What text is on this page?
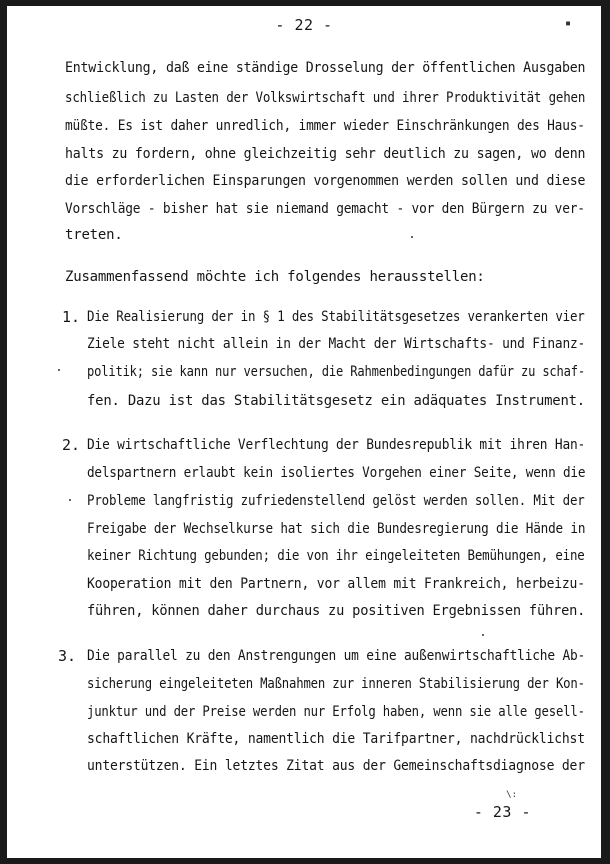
- 22 -	▪
Entwicklung, daß eine ständige Drosselung der öffentlichen Ausgaben
schließlich zu Lasten der Volkswirtschaft und ihrer Produktivität gehen
müßte. Es ist daher unredlich, immer wieder Einschränkungen des Haus-
halts zu fordern, ohne gleichzeitig sehr deutlich zu sagen, wo denn
die erforderlichen Einsparungen vorgenommen werden sollen und diese
Vorschläge - bisher hat sie niemand gemacht - vor den Bürgern zu ver-
treten.
Zusammenfassend möchte ich folgendes herausstellen:
1. Die Realisierung der in § 1 des Stabilitätsgesetzes verankerten vier
Ziele steht nicht allein in der Macht der Wirtschafts- und Finanz-
politik; sie kann nur versuchen, die Rahmenbedingungen dafür zu schaf-
fen. Dazu ist das Stabilitätsgesetz ein adäquates Instrument.
2. Die wirtschaftliche Verflechtung der Bundesrepublik mit ihren Han-
delspartnern erlaubt kein isoliertes Vorgehen einer Seite, wenn die
Probleme langfristig zufriedenstellend gelöst werden sollen. Mit der
Freigabe der Wechselkurse hat sich die Bundesregierung die Hände in
keiner Richtung gebunden; die von ihr eingeleiteten Bemühungen, eine
Kooperation mit den Partnern, vor allem mit Frankreich, herbeizu-
führen, können daher durchaus zu positiven Ergebnissen führen.
3. Die parallel zu den Anstrengungen um eine außenwirtschaftliche Ab-
sicherung eingeleiteten Maßnahmen zur inneren Stabilisierung der Kon-
junktur und der Preise werden nur Erfolg haben, wenn sie alle gesell-
schaftlichen Kräfte, namentlich die Tarifpartner, nachdrücklichst
unterstützen. Ein letztes Zitat aus der Gemeinschaftsdiagnose der
\:
- 23 -
